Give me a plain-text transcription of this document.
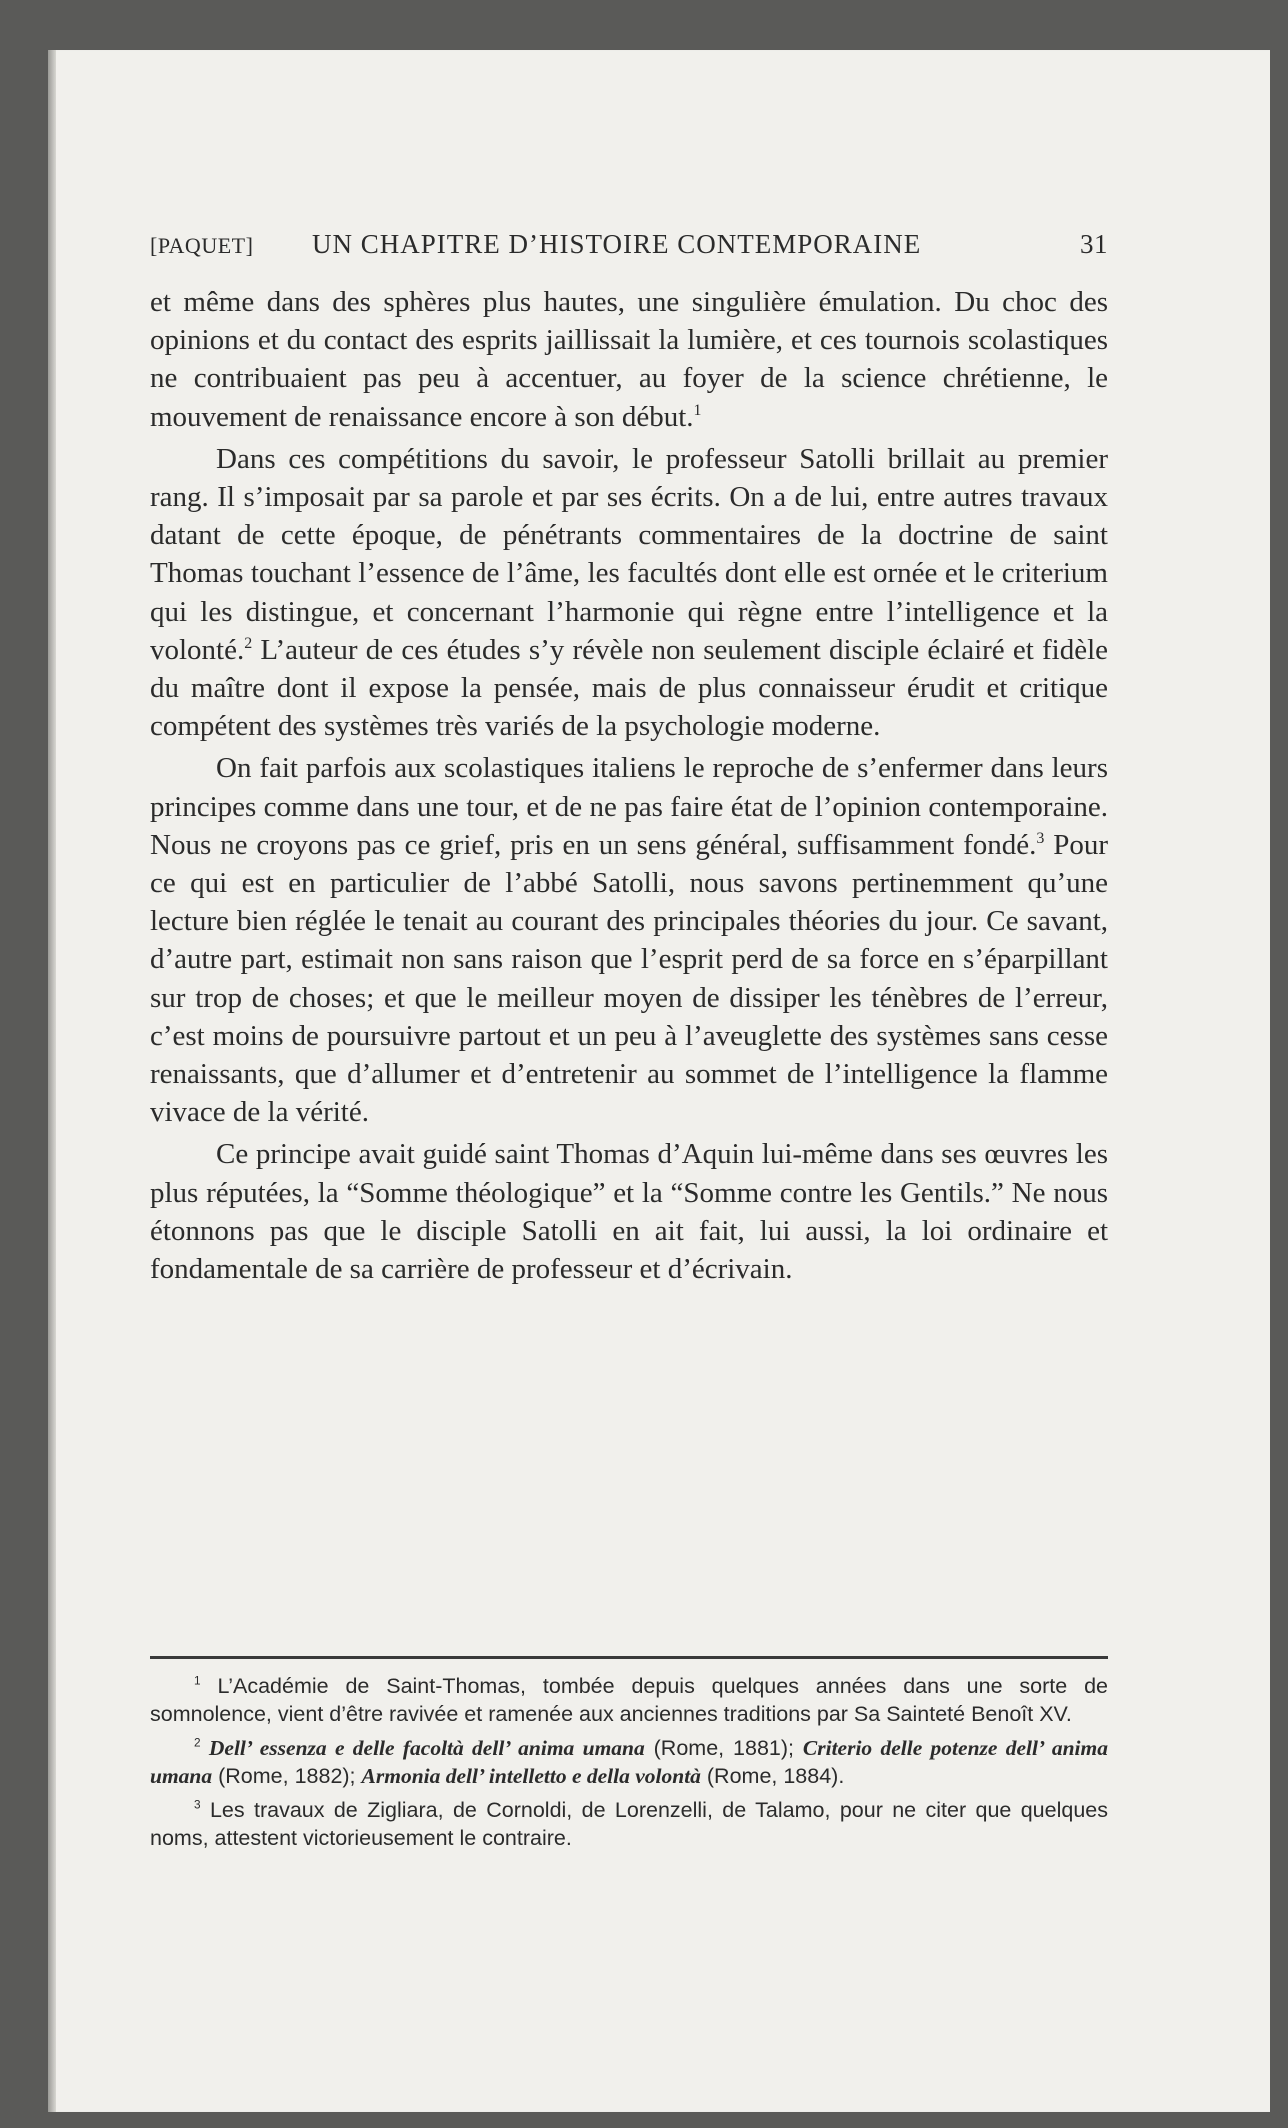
[PAQUET] UN CHAPITRE D’HISTOIRE CONTEMPORAINE	31

et même dans des sphères plus hautes, une singulière émulation. Du choc des opinions et du contact des esprits jaillissait la lumière, et ces tournois scolastiques ne contribuaient pas peu à accentuer, au foyer de la science chrétienne, le mouvement de renaissance encore à son début.$^1$

Dans ces compétitions du savoir, le professeur Satolli brillait au premier rang. Il s’imposait par sa parole et par ses écrits. On a de lui, entre autres travaux datant de cette époque, de pénétrants commentaires de la doctrine de saint Thomas touchant l’essence de l’âme, les facultés dont elle est ornée et le criterium qui les distingue, et concernant l’harmonie qui règne entre l’intelligence et la volonté.$^2$ L’auteur de ces études s’y révèle non seulement disciple éclairé et fidèle du maître dont il expose la pensée, mais de plus connaisseur érudit et critique compétent des systèmes très variés de la psychologie moderne.

On fait parfois aux scolastiques italiens le reproche de s’enfermer dans leurs principes comme dans une tour, et de ne pas faire état de l’opinion contemporaine. Nous ne croyons pas ce grief, pris en un sens général, suffisamment fondé.$^3$ Pour ce qui est en particulier de l’abbé Satolli, nous savons pertinemment qu’une lecture bien réglée le tenait au courant des principales théories du jour. Ce savant, d’autre part, estimait non sans raison que l’esprit perd de sa force en s’éparpillant sur trop de choses; et que le meilleur moyen de dissiper les ténèbres de l’erreur, c’est moins de poursuivre partout et un peu à l’aveuglette des systèmes sans cesse renaissants, que d’allumer et d’entretenir au sommet de l’intelligence la flamme vivace de la vérité.

Ce principe avait guidé saint Thomas d’Aquin lui-même dans ses œuvres les plus réputées, la “Somme théologique” et la “Somme contre les Gentils.” Ne nous étonnons pas que le disciple Satolli en ait fait, lui aussi, la loi ordinaire et fondamentale de sa carrière de professeur et d’écrivain.

$^1$ L’Académie de Saint-Thomas, tombée depuis quelques années dans une sorte de somnolence, vient d’être ravivée et ramenée aux anciennes traditions par Sa Sainteté Benoît XV.

$^2$ Dell’ essenza e delle facoltà dell’ anima umana (Rome, 1881); Criterio delle potenze dell’ anima umana (Rome, 1882); Armonia dell’ intelletto e della volontà (Rome, 1884).

$^3$ Les travaux de Zigliara, de Cornoldi, de Lorenzelli, de Talamo, pour ne citer que quelques noms, attestent victorieusement le contraire.
